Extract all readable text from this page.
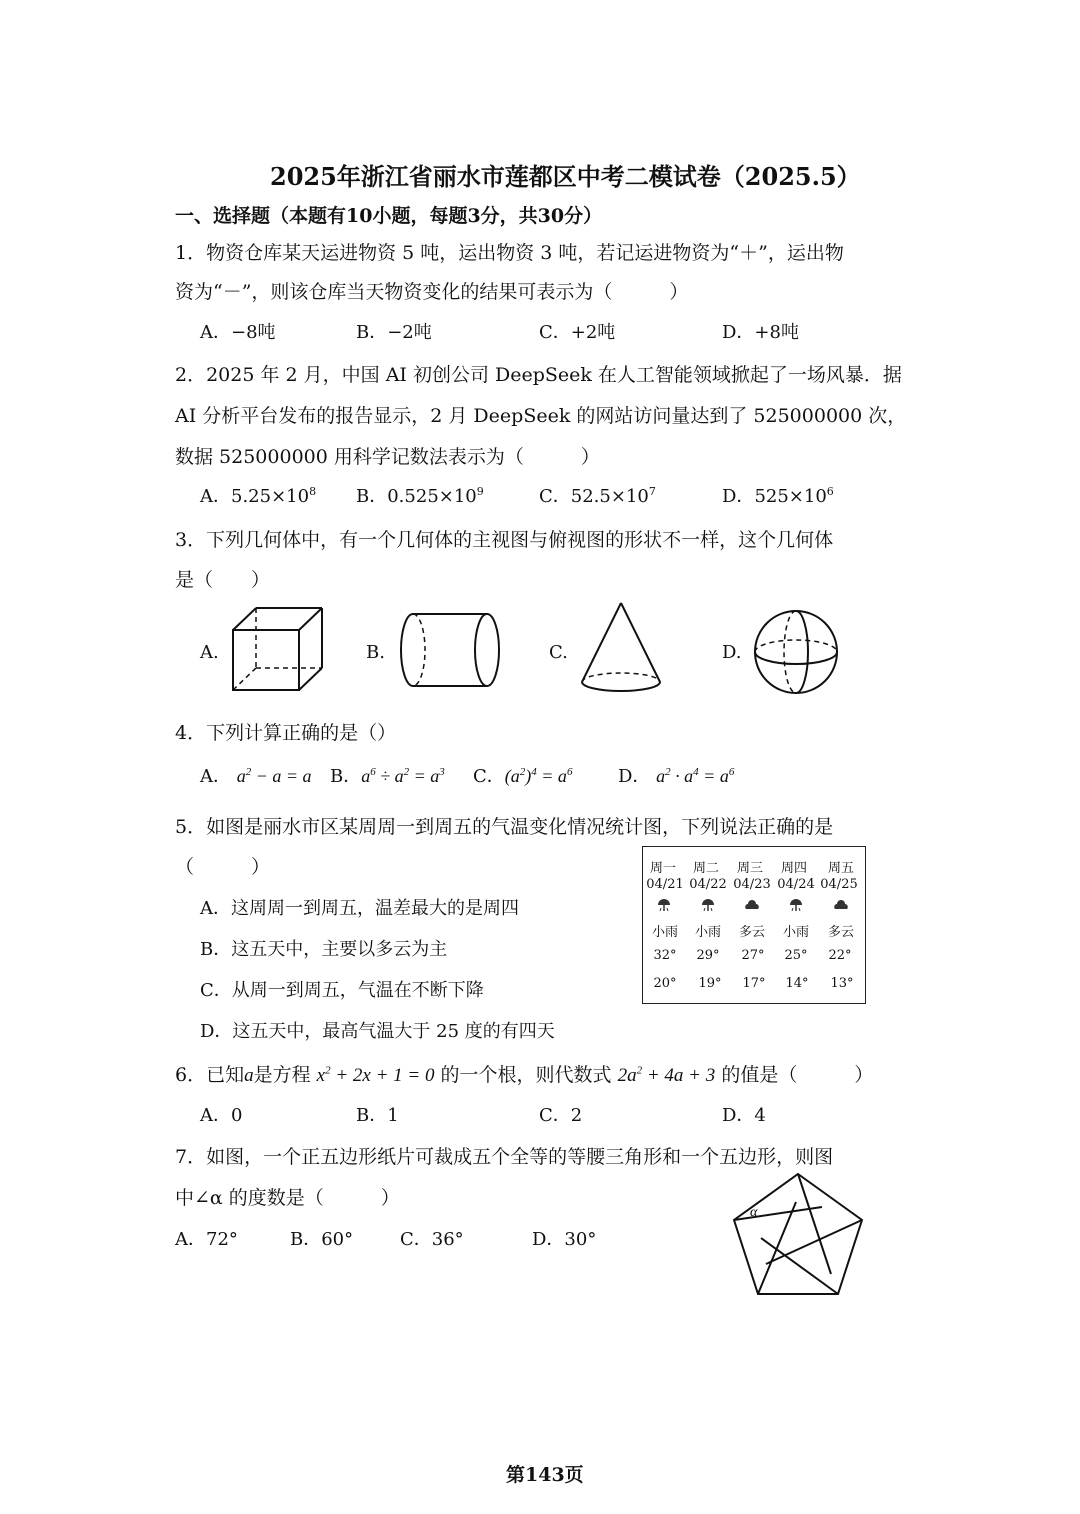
2025年浙江省丽水市莲都区中考二模试卷（2025.5）
一、选择题（本题有10小题，每题3分，共30分）
1．物资仓库某天运进物资 5 吨，运出物资 3 吨，若记运进物资为“＋”，运出物
资为“－”，则该仓库当天物资变化的结果可表示为（　　　）
A．−8吨	B．−2吨	C．+2吨	D．+8吨
2．2025 年 2 月，中国 AI 初创公司 DeepSeek 在人工智能领域掀起了一场风暴．据
AI 分析平台发布的报告显示，2 月 DeepSeek 的网站访问量达到了 525000000 次，
数据 525000000 用科学记数法表示为（　　　）
A．$5.25\times 10^8$ B．$0.525\times 10^9$	C．$52.5\times 10^7$	D．$525\times 10^6$
3．下列几何体中，有一个几何体的主视图与俯视图的形状不一样，这个几何体
是（　　）
A.	B.	C.	D.
4．下列计算正确的是（）
A． $a^2 - a = a$ B．$a^6 \div a^2 = a^3$ C．$(a^2)^4 = a^6$	D． $a^2 \cdot a^4 = a^6$
5．如图是丽水市区某周周一到周五的气温变化情况统计图，下列说法正确的是
（　　　）
A．这周周一到周五，温差最大的是周四
B．这五天中，主要以多云为主
C．从周一到周五，气温在不断下降
D．这五天中，最高气温大于 25 度的有四天
周一	周二	周三	周四	周五
04/21 04/22 04/23 04/24 04/25
小雨	小雨	多云	小雨	多云
32°	29°	27°	25°	22°
20°	19°	17°	14°	13°
6．已知a是方程 $x^2 + 2x + 1 = 0$ 的一个根，则代数式 $2a^2 + 4a + 3$ 的值是（　　　）
A．0	B．1	C．2	D．4
7．如图，一个正五边形纸片可裁成五个全等的等腰三角形和一个五边形，则图
中∠α 的度数是（　　　）
A．72°	B．60°	C．36°	D．30°
α
第143页
